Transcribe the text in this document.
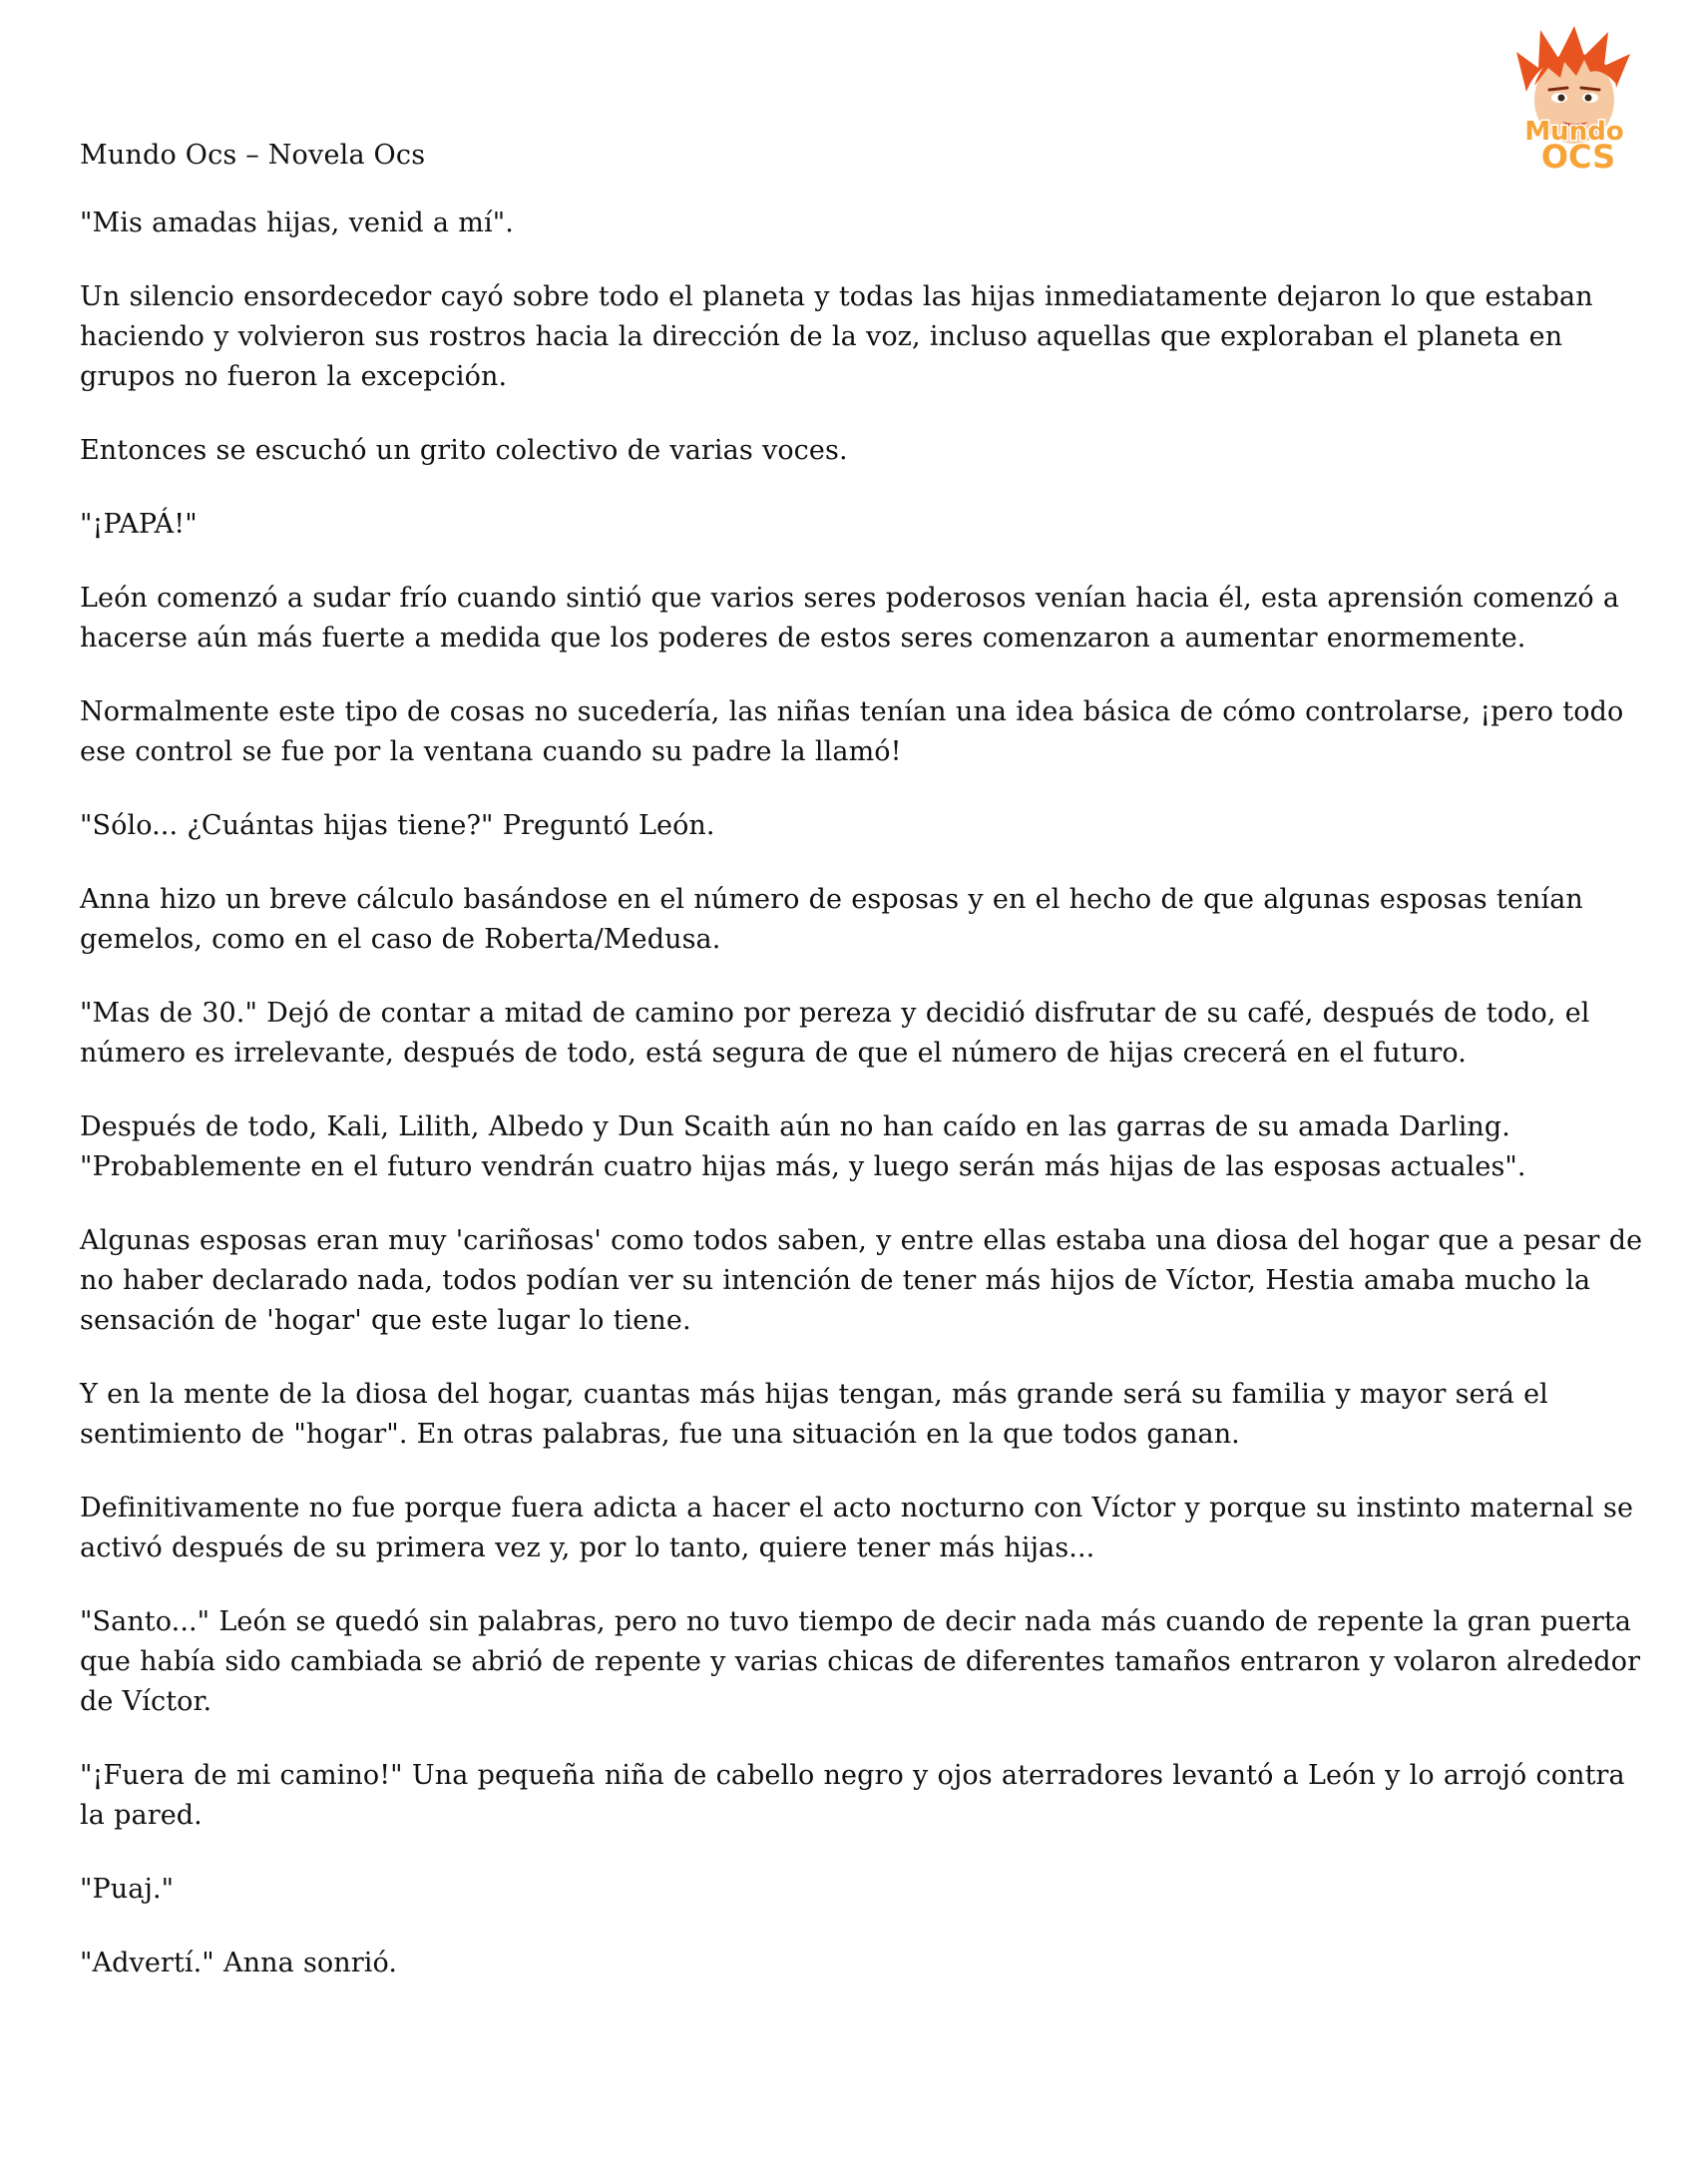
Mundo Ocs – Novela Ocs
Mundo
OCS

"Mis amadas hijas, venid a mí".

Un silencio ensordecedor cayó sobre todo el planeta y todas las hijas inmediatamente dejaron lo que estaban haciendo y volvieron sus rostros hacia la dirección de la voz, incluso aquellas que exploraban el planeta en grupos no fueron la excepción.

Entonces se escuchó un grito colectivo de varias voces.

"¡PAPÁ!"

León comenzó a sudar frío cuando sintió que varios seres poderosos venían hacia él, esta aprensión comenzó a hacerse aún más fuerte a medida que los poderes de estos seres comenzaron a aumentar enormemente.

Normalmente este tipo de cosas no sucedería, las niñas tenían una idea básica de cómo controlarse, ¡pero todo ese control se fue por la ventana cuando su padre la llamó!

"Sólo... ¿Cuántas hijas tiene?" Preguntó León.

Anna hizo un breve cálculo basándose en el número de esposas y en el hecho de que algunas esposas tenían gemelos, como en el caso de Roberta/Medusa.

"Mas de 30." Dejó de contar a mitad de camino por pereza y decidió disfrutar de su café, después de todo, el número es irrelevante, después de todo, está segura de que el número de hijas crecerá en el futuro.

Después de todo, Kali, Lilith, Albedo y Dun Scaith aún no han caído en las garras de su amada Darling. "Probablemente en el futuro vendrán cuatro hijas más, y luego serán más hijas de las esposas actuales".

Algunas esposas eran muy 'cariñosas' como todos saben, y entre ellas estaba una diosa del hogar que a pesar de no haber declarado nada, todos podían ver su intención de tener más hijos de Víctor, Hestia amaba mucho la sensación de 'hogar' que este lugar lo tiene.

Y en la mente de la diosa del hogar, cuantas más hijas tengan, más grande será su familia y mayor será el sentimiento de "hogar". En otras palabras, fue una situación en la que todos ganan.

Definitivamente no fue porque fuera adicta a hacer el acto nocturno con Víctor y porque su instinto maternal se activó después de su primera vez y, por lo tanto, quiere tener más hijas...

"Santo..." León se quedó sin palabras, pero no tuvo tiempo de decir nada más cuando de repente la gran puerta que había sido cambiada se abrió de repente y varias chicas de diferentes tamaños entraron y volaron alrededor de Víctor.

"¡Fuera de mi camino!" Una pequeña niña de cabello negro y ojos aterradores levantó a León y lo arrojó contra la pared.

"Puaj."

"Advertí." Anna sonrió.
